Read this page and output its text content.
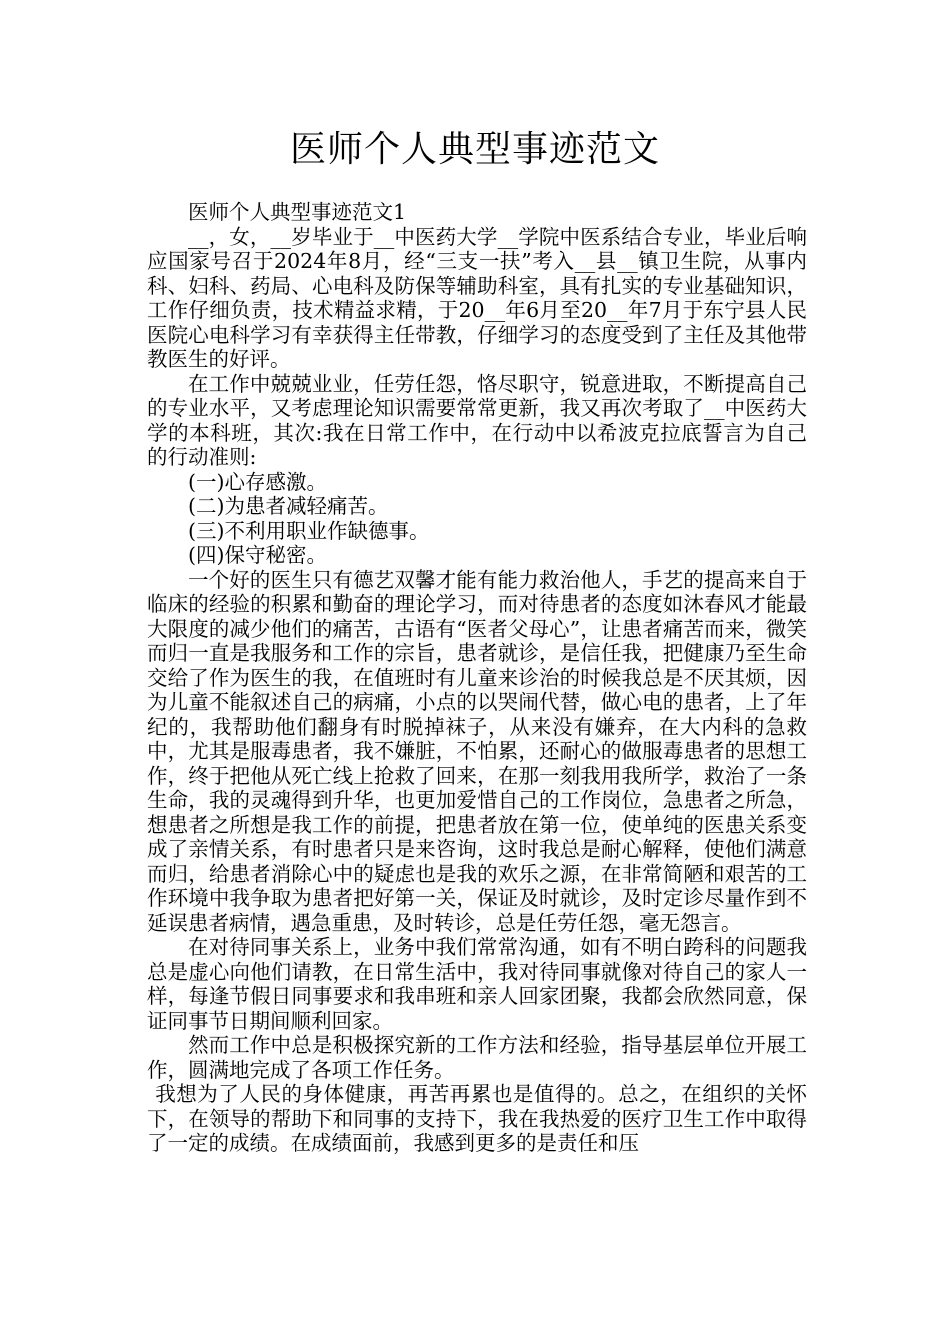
医师个人典型事迹范文

医师个人典型事迹范文1

__，女，__岁毕业于__中医药大学__学院中医系结合专业，毕业后响应国家号召于2024年8月，经“三支一扶”考入__县__镇卫生院，从事内科、妇科、药局、心电科及防保等辅助科室，具有扎实的专业基础知识，工作仔细负责，技术精益求精，于20__年6月至20__年7月于东宁县人民医院心电科学习有幸获得主任带教，仔细学习的态度受到了主任及其他带教医生的好评。

在工作中兢兢业业，任劳任怨，恪尽职守，锐意进取，不断提高自己的专业水平，又考虑理论知识需要常常更新，我又再次考取了__中医药大学的本科班，其次:我在日常工作中，在行动中以希波克拉底誓言为自己的行动准则:

(一)心存感激。

(二)为患者减轻痛苦。

(三)不利用职业作缺德事。

(四)保守秘密。

一个好的医生只有德艺双馨才能有能力救治他人，手艺的提高来自于临床的经验的积累和勤奋的理论学习，而对待患者的态度如沐春风才能最大限度的减少他们的痛苦，古语有“医者父母心”，让患者痛苦而来，微笑而归一直是我服务和工作的宗旨，患者就诊，是信任我，把健康乃至生命交给了作为医生的我，在值班时有儿童来诊治的时候我总是不厌其烦，因为儿童不能叙述自己的病痛，小点的以哭闹代替，做心电的患者，上了年纪的，我帮助他们翻身有时脱掉袜子，从来没有嫌弃，在大内科的急救中，尤其是服毒患者，我不嫌脏，不怕累，还耐心的做服毒患者的思想工作，终于把他从死亡线上抢救了回来，在那一刻我用我所学，救治了一条生命，我的灵魂得到升华，也更加爱惜自己的工作岗位，急患者之所急，想患者之所想是我工作的前提，把患者放在第一位，使单纯的医患关系变成了亲情关系，有时患者只是来咨询，这时我总是耐心解释，使他们满意而归，给患者消除心中的疑虑也是我的欢乐之源，在非常简陋和艰苦的工作环境中我争取为患者把好第一关，保证及时就诊，及时定诊尽量作到不延误患者病情，遇急重患，及时转诊，总是任劳任怨，毫无怨言。

在对待同事关系上，业务中我们常常沟通，如有不明白跨科的问题我总是虚心向他们请教，在日常生活中，我对待同事就像对待自己的家人一样，每逢节假日同事要求和我串班和亲人回家团聚，我都会欣然同意，保证同事节日期间顺利回家。

然而工作中总是积极探究新的工作方法和经验，指导基层单位开展工作，圆满地完成了各项工作任务。

我想为了人民的身体健康，再苦再累也是值得的。总之，在组织的关怀下，在领导的帮助下和同事的支持下，我在我热爱的医疗卫生工作中取得了一定的成绩。在成绩面前，我感到更多的是责任和压
